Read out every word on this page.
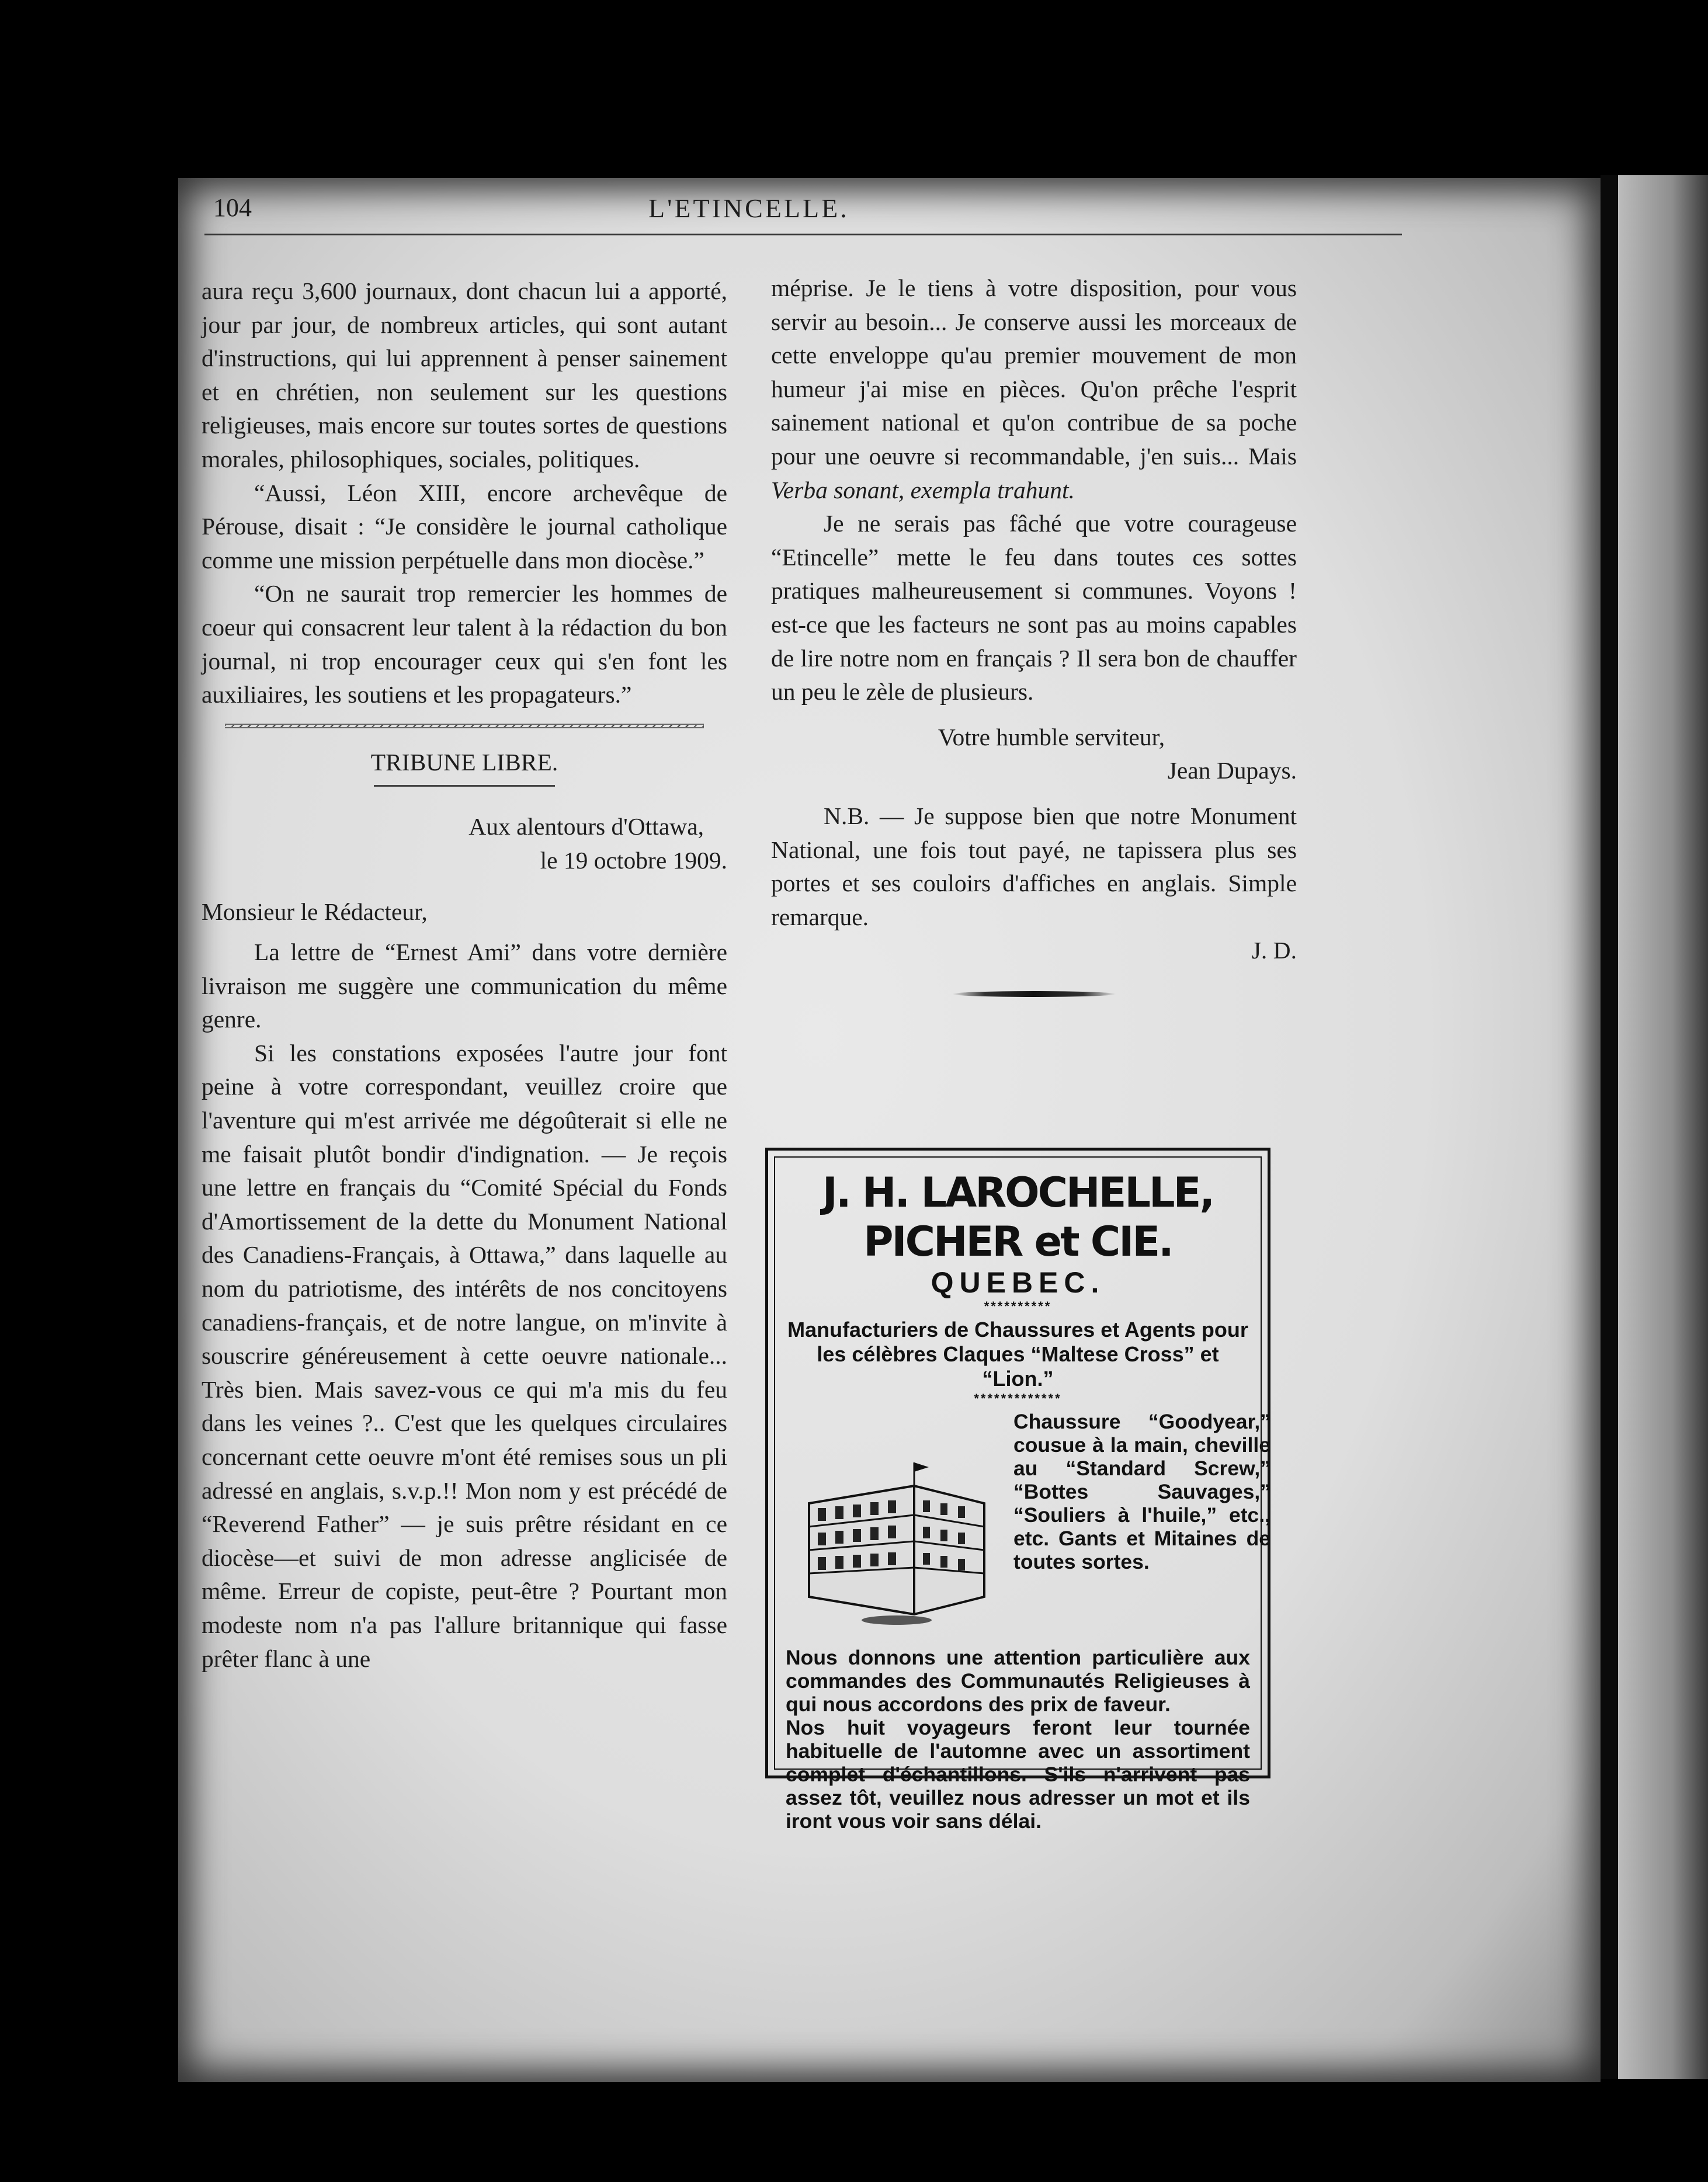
104	L'ETINCELLE.

aura reçu 3,600 journaux, dont chacun lui a apporté, jour par jour, de nombreux articles, qui sont autant d'instructions, qui lui apprennent à penser sainement et en chrétien, non seulement sur les questions religieuses, mais encore sur toutes sortes de questions morales, philosophiques, sociales, politiques.

“Aussi, Léon XIII, encore archevêque de Pérouse, disait : “Je considère le journal catholique comme une mission perpétuelle dans mon diocèse.”

“On ne saurait trop remercier les hommes de coeur qui consacrent leur talent à la rédaction du bon journal, ni trop encourager ceux qui s'en font les auxiliaires, les soutiens et les propagateurs.”

TRIBUNE LIBRE.

Aux alentours d'Ottawa,

le 19 octobre 1909.

Monsieur le Rédacteur,

La lettre de “Ernest Ami” dans votre dernière livraison me suggère une communication du même genre.

Si les constations exposées l'autre jour font peine à votre correspondant, veuillez croire que l'aventure qui m'est arrivée me dégoûterait si elle ne me faisait plutôt bondir d'indignation. — Je reçois une lettre en français du “Comité Spécial du Fonds d'Amortissement de la dette du Monument National des Canadiens-Français, à Ottawa,” dans laquelle au nom du patriotisme, des intérêts de nos concitoyens canadiens-français, et de notre langue, on m'invite à souscrire généreusement à cette oeuvre nationale... Très bien. Mais savez-vous ce qui m'a mis du feu dans les veines ?.. C'est que les quelques circulaires concernant cette oeuvre m'ont été remises sous un pli adressé en anglais, s.v.p.!! Mon nom y est précédé de “Reverend Father” — je suis prêtre résidant en ce diocèse—et suivi de mon adresse anglicisée de même. Erreur de copiste, peut-être ? Pourtant mon modeste nom n'a pas l'allure britannique qui fasse prêter flanc à une

méprise. Je le tiens à votre disposition, pour vous servir au besoin... Je conserve aussi les morceaux de cette enveloppe qu'au premier mouvement de mon humeur j'ai mise en pièces. Qu'on prêche l'esprit sainement national et qu'on contribue de sa poche pour une oeuvre si recommandable, j'en suis... Mais Verba sonant, exempla trahunt.

Je ne serais pas fâché que votre courageuse “Etincelle” mette le feu dans toutes ces sottes pratiques malheureusement si communes. Voyons ! est-ce que les facteurs ne sont pas au moins capables de lire notre nom en français ? Il sera bon de chauffer un peu le zèle de plusieurs.

Votre humble serviteur,

Jean Dupays.

N.B. — Je suppose bien que notre Monument National, une fois tout payé, ne tapissera plus ses portes et ses couloirs d'affiches en anglais. Simple remarque.

J. D.

J. H. LAROCHELLE, PICHER et CIE.
QUEBEC.
**********
Manufacturiers de Chaussures et Agents pour les célèbres Claques “Maltese Cross” et “Lion.”
*************
Chaussure “Goodyear,” cousue à la main, cheville au “Standard Screw,” “Bottes Sauvages,” “Souliers à l'huile,” etc., etc. Gants et Mitaines de toutes sortes.

Nous donnons une attention particulière aux commandes des Communautés Religieuses à qui nous accordons des prix de faveur.

Nos huit voyageurs feront leur tournée habituelle de l'automne avec un assortiment complet d'échantillons. S'ils n'arrivent pas assez tôt, veuillez nous adresser un mot et ils iront vous voir sans délai.
